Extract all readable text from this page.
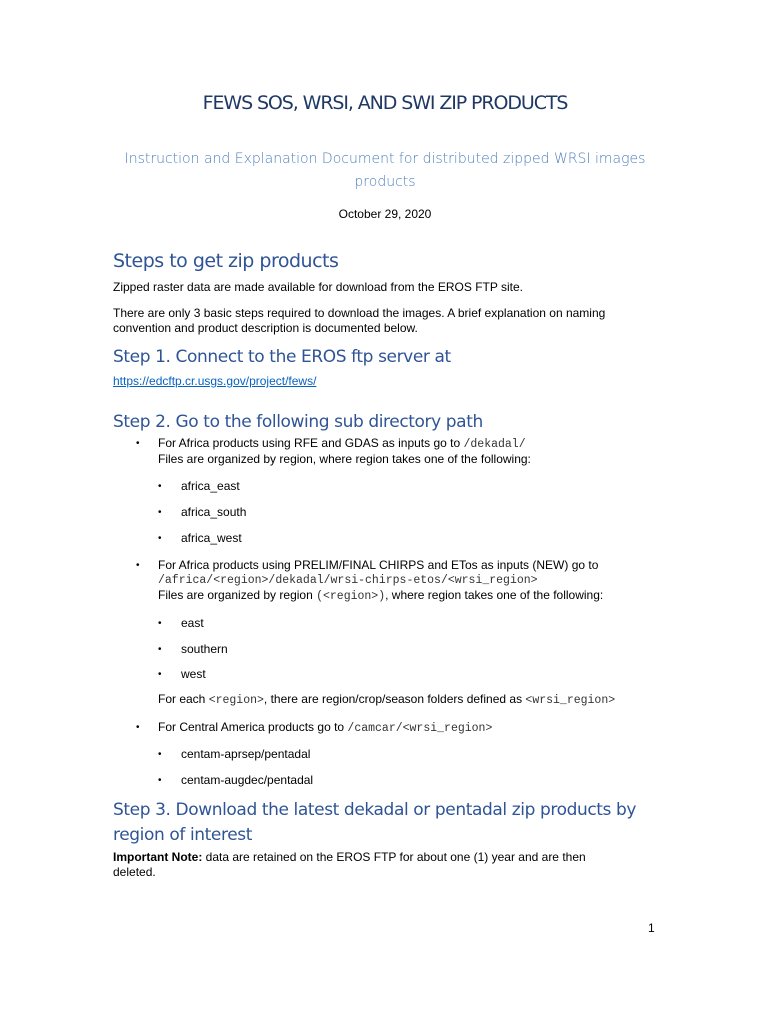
FEWS SOS, WRSI, AND SWI ZIP PRODUCTS
Instruction and Explanation Document for distributed zipped WRSI images products
October 29, 2020
Steps to get zip products
Zipped raster data are made available for download from the EROS FTP site.
There are only 3 basic steps required to download the images. A brief explanation on naming
convention and product description is documented below.
Step 1. Connect to the EROS ftp server at
https://edcftp.cr.usgs.gov/project/fews/
Step 2. Go to the following sub directory path
• For Africa products using RFE and GDAS as inputs go to /dekadal/
Files are organized by region, where region takes one of the following:
• africa_east
• africa_south
• africa_west
• For Africa products using PRELIM/FINAL CHIRPS and ETos as inputs (NEW) go to
/africa/<region>/dekadal/wrsi-chirps-etos/<wrsi_region>
Files are organized by region (<region>), where region takes one of the following:
• east
• southern
• west
For each <region>, there are region/crop/season folders defined as <wrsi_region>
• For Central America products go to /camcar/<wrsi_region>
• centam-aprsep/pentadal
• centam-augdec/pentadal
Step 3. Download the latest dekadal or pentadal zip products by
region of interest
Important Note: data are retained on the EROS FTP for about one (1) year and are then
deleted.
1
